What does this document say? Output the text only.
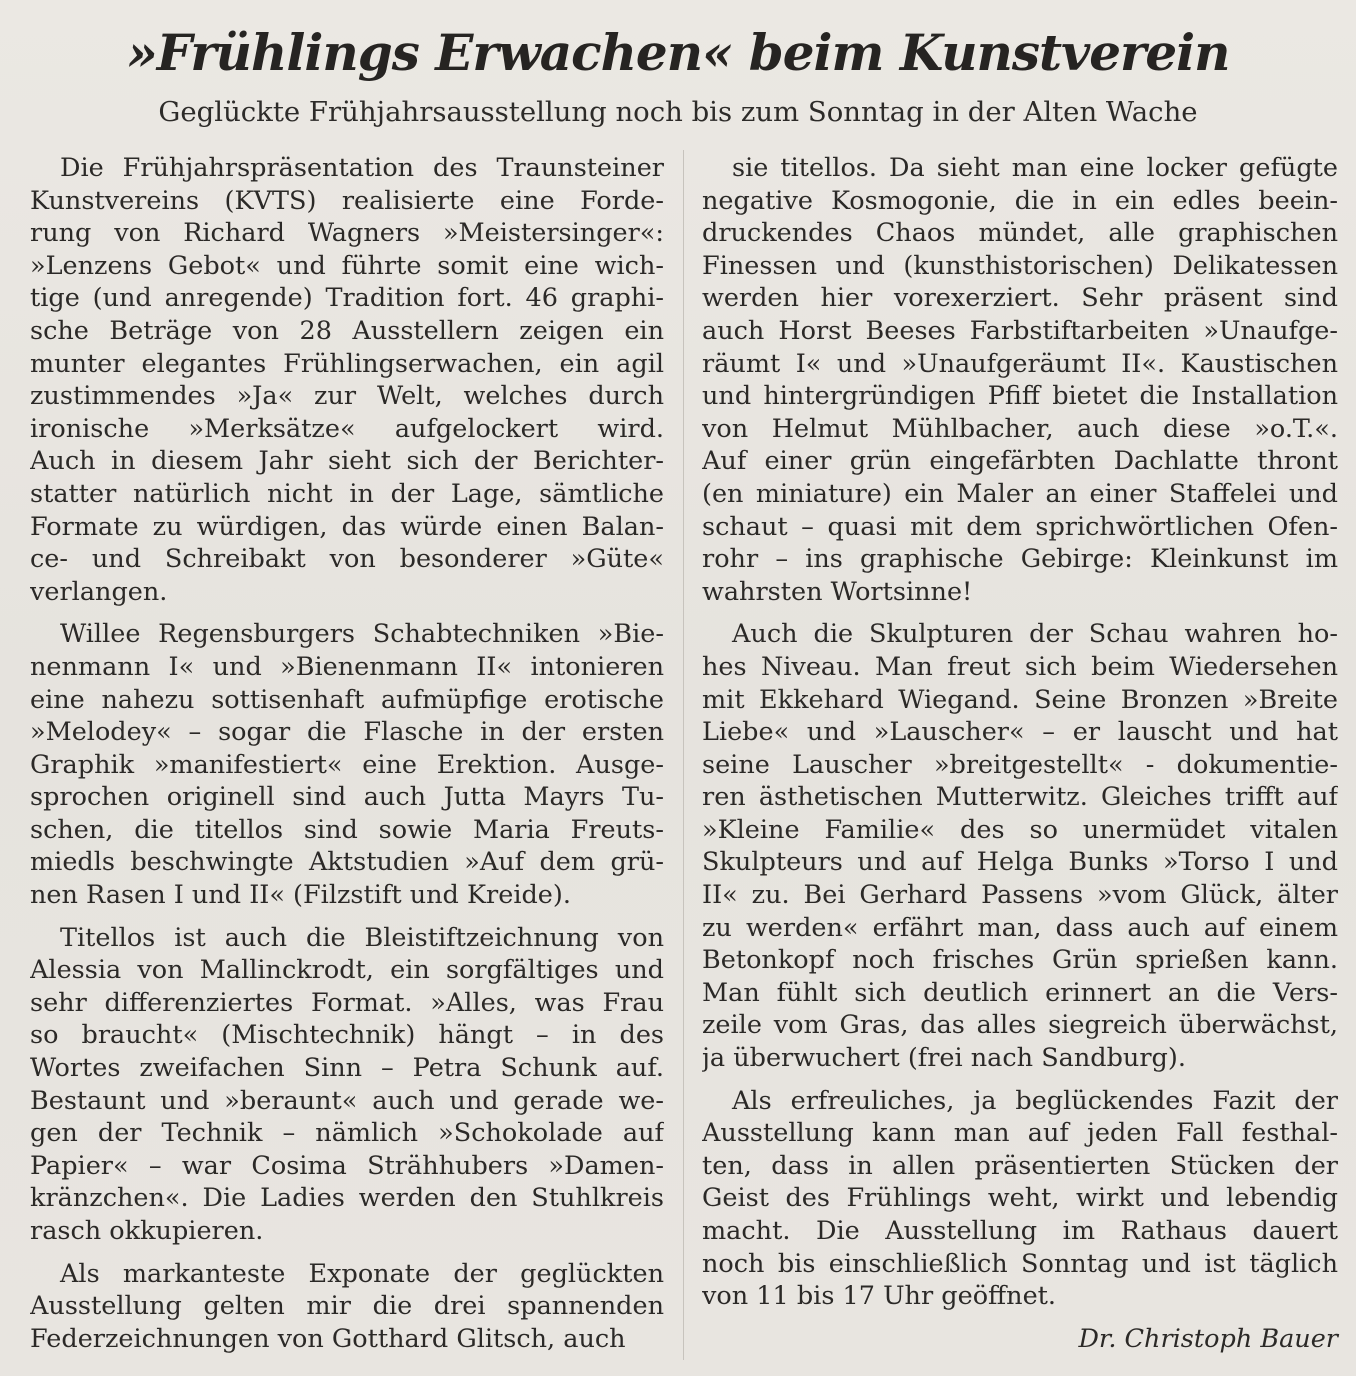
»Frühlings Erwachen« beim Kunstverein
Geglückte Frühjahrsausstellung noch bis zum Sonntag in der Alten Wache
Die Frühjahrspräsentation des Traunsteiner
Kunstvereins (KVTS) realisierte eine Forde-
rung von Richard Wagners »Meistersinger«:
»Lenzens Gebot« und führte somit eine wich-
tige (und anregende) Tradition fort. 46 graphi-
sche Beträge von 28 Ausstellern zeigen ein
munter elegantes Frühlingserwachen, ein agil
zustimmendes »Ja« zur Welt, welches durch
ironische »Merksätze« aufgelockert wird.
Auch in diesem Jahr sieht sich der Berichter-
statter natürlich nicht in der Lage, sämtliche
Formate zu würdigen, das würde einen Balan-
ce- und Schreibakt von besonderer »Güte«
verlangen.
Willee Regensburgers Schabtechniken »Bie-
nenmann I« und »Bienenmann II« intonieren
eine nahezu sottisenhaft aufmüpfige erotische
»Melodey« – sogar die Flasche in der ersten
Graphik »manifestiert« eine Erektion. Ausge-
sprochen originell sind auch Jutta Mayrs Tu-
schen, die titellos sind sowie Maria Freuts-
miedls beschwingte Aktstudien »Auf dem grü-
nen Rasen I und II« (Filzstift und Kreide).
Titellos ist auch die Bleistiftzeichnung von
Alessia von Mallinckrodt, ein sorgfältiges und
sehr differenziertes Format. »Alles, was Frau
so braucht« (Mischtechnik) hängt – in des
Wortes zweifachen Sinn – Petra Schunk auf.
Bestaunt und »beraunt« auch und gerade we-
gen der Technik – nämlich »Schokolade auf
Papier« – war Cosima Strähhubers »Damen-
kränzchen«. Die Ladies werden den Stuhlkreis
rasch okkupieren.
Als markanteste Exponate der geglückten
Ausstellung gelten mir die drei spannenden
Federzeichnungen von Gotthard Glitsch, auch
sie titellos. Da sieht man eine locker gefügte
negative Kosmogonie, die in ein edles beein-
druckendes Chaos mündet, alle graphischen
Finessen und (kunsthistorischen) Delikatessen
werden hier vorexerziert. Sehr präsent sind
auch Horst Beeses Farbstiftarbeiten »Unaufge-
räumt I« und »Unaufgeräumt II«. Kaustischen
und hintergründigen Pfiff bietet die Installation
von Helmut Mühlbacher, auch diese »o.T.«.
Auf einer grün eingefärbten Dachlatte thront
(en miniature) ein Maler an einer Staffelei und
schaut – quasi mit dem sprichwörtlichen Ofen-
rohr – ins graphische Gebirge: Kleinkunst im
wahrsten Wortsinne!
Auch die Skulpturen der Schau wahren ho-
hes Niveau. Man freut sich beim Wiedersehen
mit Ekkehard Wiegand. Seine Bronzen »Breite
Liebe« und »Lauscher« – er lauscht und hat
seine Lauscher »breitgestellt« - dokumentie-
ren ästhetischen Mutterwitz. Gleiches trifft auf
»Kleine Familie« des so unermüdet vitalen
Skulpteurs und auf Helga Bunks »Torso I und
II« zu. Bei Gerhard Passens »vom Glück, älter
zu werden« erfährt man, dass auch auf einem
Betonkopf noch frisches Grün sprießen kann.
Man fühlt sich deutlich erinnert an die Vers-
zeile vom Gras, das alles siegreich überwächst,
ja überwuchert (frei nach Sandburg).
Als erfreuliches, ja beglückendes Fazit der
Ausstellung kann man auf jeden Fall festhal-
ten, dass in allen präsentierten Stücken der
Geist des Frühlings weht, wirkt und lebendig
macht. Die Ausstellung im Rathaus dauert
noch bis einschließlich Sonntag und ist täglich
von 11 bis 17 Uhr geöffnet.
Dr. Christoph Bauer
